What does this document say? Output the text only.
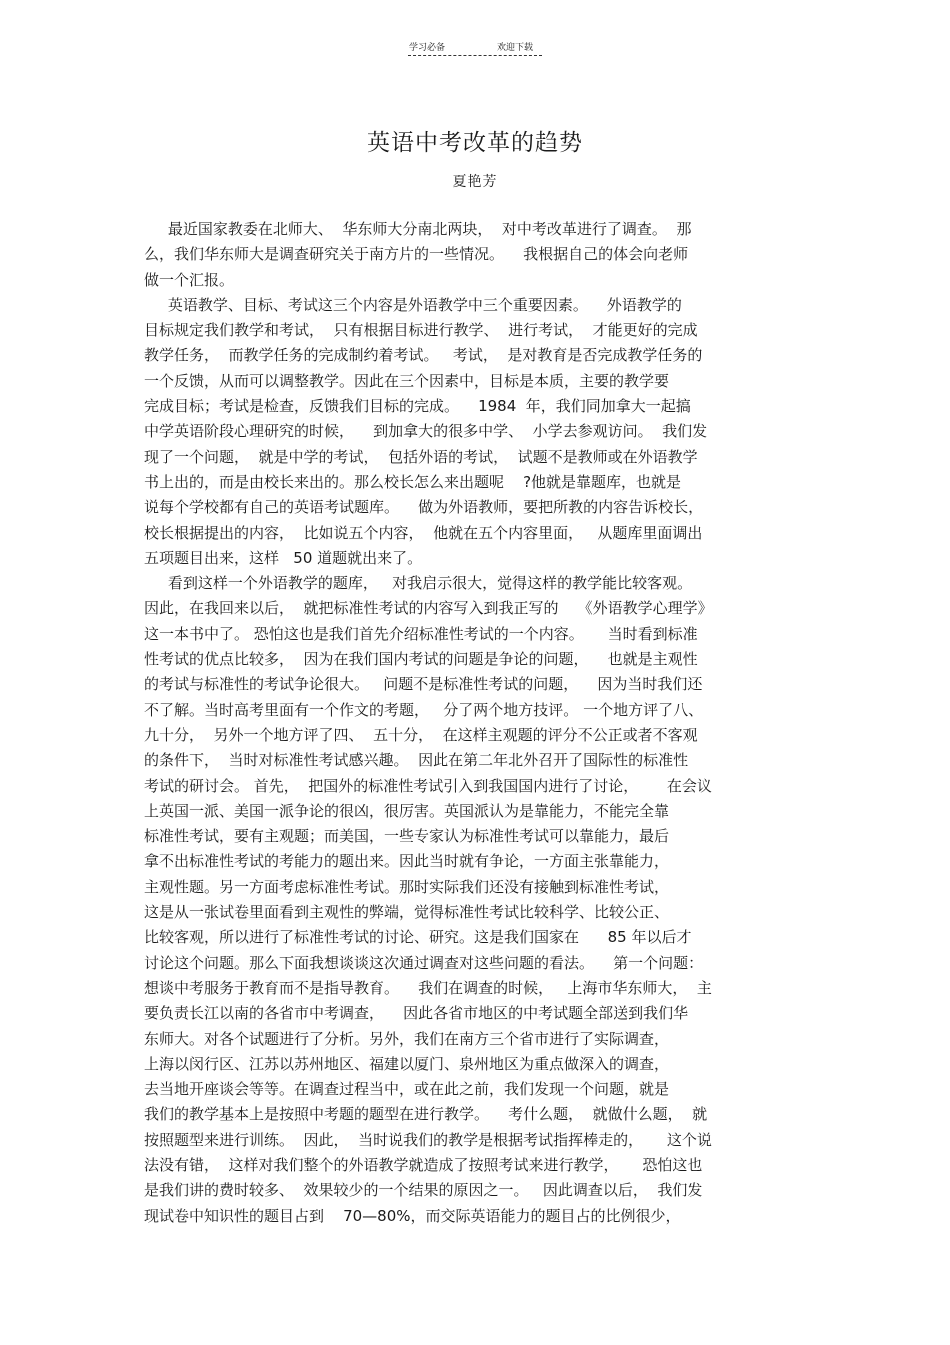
学习必备	欢迎下载
英语中考改革的趋势
夏艳芳
最近国家教委在北师大、  华东师大分南北两块，  对中考改革进行了调查。  那
么，我们华东师大是调查研究关于南方片的一些情况。    我根据自己的体会向老师
做一个汇报。
英语教学、目标、考试这三个内容是外语教学中三个重要因素。    外语教学的
目标规定我们教学和考试，  只有根据目标进行教学、  进行考试，  才能更好的完成
教学任务，  而教学任务的完成制约着考试。   考试，  是对教育是否完成教学任务的
一个反馈，从而可以调整教学。因此在三个因素中，目标是本质，主要的教学要
完成目标；考试是检查，反馈我们目标的完成。    1984  年，我们同加拿大一起搞
中学英语阶段心理研究的时候，    到加拿大的很多中学、  小学去参观访问。  我们发
现了一个问题，  就是中学的考试，  包括外语的考试，  试题不是教师或在外语教学
书上出的，而是由校长来出的。那么校长怎么来出题呢    ?他就是靠题库，也就是
说每个学校都有自己的英语考试题库。    做为外语教师，要把所教的内容告诉校长，
校长根据提出的内容，  比如说五个内容，  他就在五个内容里面，   从题库里面调出
五项题目出来，这样   50 道题就出来了。
看到这样一个外语教学的题库，   对我启示很大，觉得这样的教学能比较客观。
因此，在我回来以后，  就把标准性考试的内容写入到我正写的    《外语教学心理学》
这一本书中了。 恐怕这也是我们首先介绍标准性考试的一个内容。     当时看到标准
性考试的优点比较多，  因为在我们国内考试的问题是争论的问题，    也就是主观性
的考试与标准性的考试争论很大。   问题不是标准性考试的问题，    因为当时我们还
不了解。当时高考里面有一个作文的考题，   分了两个地方技评。 一个地方评了八、
九十分，  另外一个地方评了四、  五十分，  在这样主观题的评分不公正或者不客观
的条件下，  当时对标准性考试感兴趣。  因此在第二年北外召开了国际性的标准性
考试的研讨会。 首先，  把国外的标准性考试引入到我国国内进行了讨论，      在会议
上英国一派、美国一派争论的很凶，很厉害。英国派认为是靠能力，不能完全靠
标准性考试，要有主观题；而美国，一些专家认为标准性考试可以靠能力，最后
拿不出标准性考试的考能力的题出来。因此当时就有争论，一方面主张靠能力，
主观性题。另一方面考虑标准性考试。那时实际我们还没有接触到标准性考试，
这是从一张试卷里面看到主观性的弊端，觉得标准性考试比较科学、比较公正、
比较客观，所以进行了标准性考试的讨论、研究。这是我们国家在      85 年以后才
讨论这个问题。那么下面我想谈谈这次通过调查对这些问题的看法。    第一个问题：
想谈中考服务于教育而不是指导教育。    我们在调查的时候，   上海市华东师大，  主
要负责长江以南的各省市中考调查，    因此各省市地区的中考试题全部送到我们华
东师大。对各个试题进行了分析。另外，我们在南方三个省市进行了实际调查，
上海以闵行区、江苏以苏州地区、福建以厦门、泉州地区为重点做深入的调查，
去当地开座谈会等等。在调查过程当中，或在此之前，我们发现一个问题，就是
我们的教学基本上是按照中考题的题型在进行教学。    考什么题，  就做什么题，  就
按照题型来进行训练。  因此，  当时说我们的教学是根据考试指挥棒走的，     这个说
法没有错，  这样对我们整个的外语教学就造成了按照考试来进行教学，     恐怕这也
是我们讲的费时较多、  效果较少的一个结果的原因之一。   因此调查以后，  我们发
现试卷中知识性的题目占到    70—80%，而交际英语能力的题目占的比例很少，
